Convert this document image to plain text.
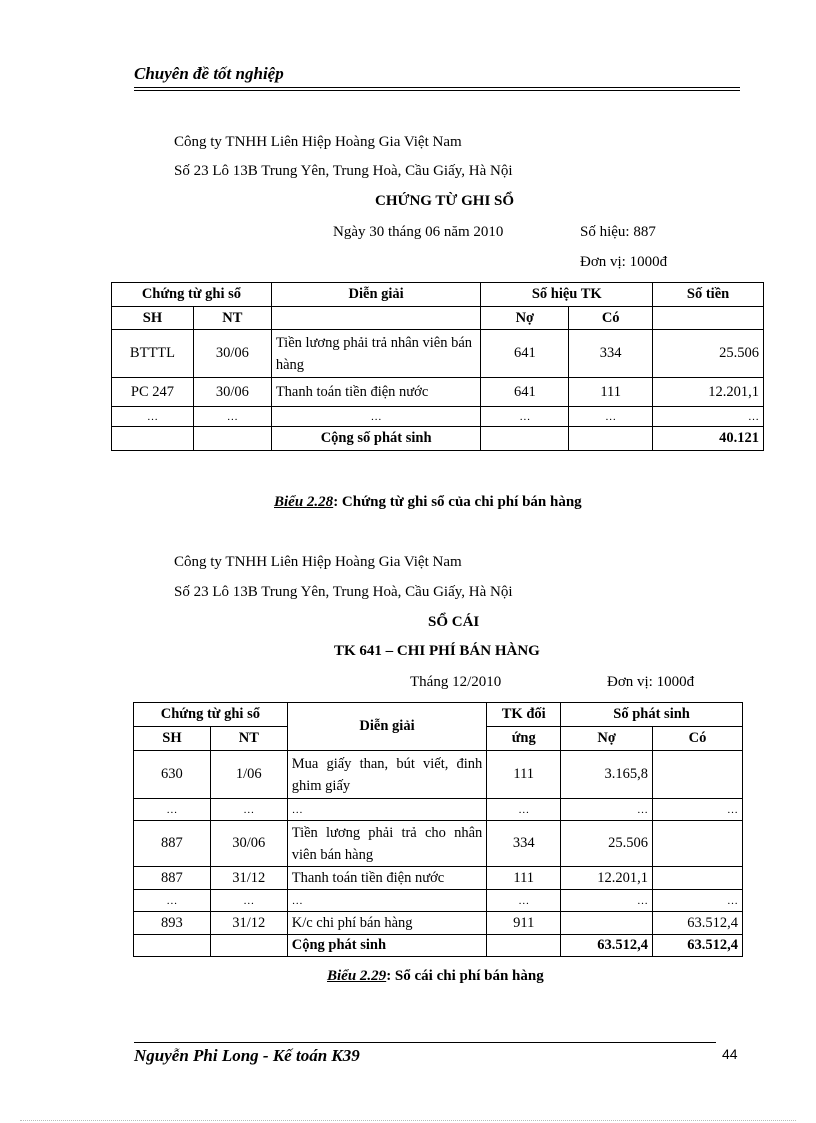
Chuyên đề tốt nghiệp
Công ty TNHH Liên Hiệp Hoàng Gia Việt Nam
Số 23 Lô 13B Trung Yên, Trung Hoà, Cầu Giấy, Hà Nội
CHỨNG TỪ GHI SỔ
Ngày 30 tháng 06 năm 2010	Số hiệu: 887
Đơn vị: 1000đ
Chứng từ ghi sổ		Diễn giải	Số hiệu TK		Số tiền
SH	NT		Nợ	Có	
BTTTL	30/06	Tiền lương phải trả nhân viên bán hàng	641	334	25.506
PC 247	30/06	Thanh toán tiền điện nước	641	111	12.201,1
…	…	…	…	…	…
		Cộng số phát sinh			40.121
Biểu 2.28: Chứng từ ghi sổ của chi phí bán hàng
Công ty TNHH Liên Hiệp Hoàng Gia Việt Nam
Số 23 Lô 13B Trung Yên, Trung Hoà, Cầu Giấy, Hà Nội
SỔ CÁI
TK 641 – CHI PHÍ BÁN HÀNG
Tháng 12/2010	Đơn vị: 1000đ
Chứng từ ghi sổ		Diễn giải	TK đối	Số phát sinh	
SH	NT		ứng	Nợ	Có
630	1/06	Mua giấy than, bút viết, đinh ghim giấy	111	3.165,8	
…	…	…	…	…	…
887	30/06	Tiền lương phải trả cho nhân viên bán hàng	334	25.506	
887	31/12	Thanh toán tiền điện nước	111	12.201,1	
…	…	…	…	…	…
893	31/12	K/c chi phí bán hàng	911		63.512,4
		Cộng phát sinh		63.512,4	63.512,4
Biểu 2.29: Sổ cái chi phí bán hàng
Nguyễn Phi Long - Kế toán K39	44
